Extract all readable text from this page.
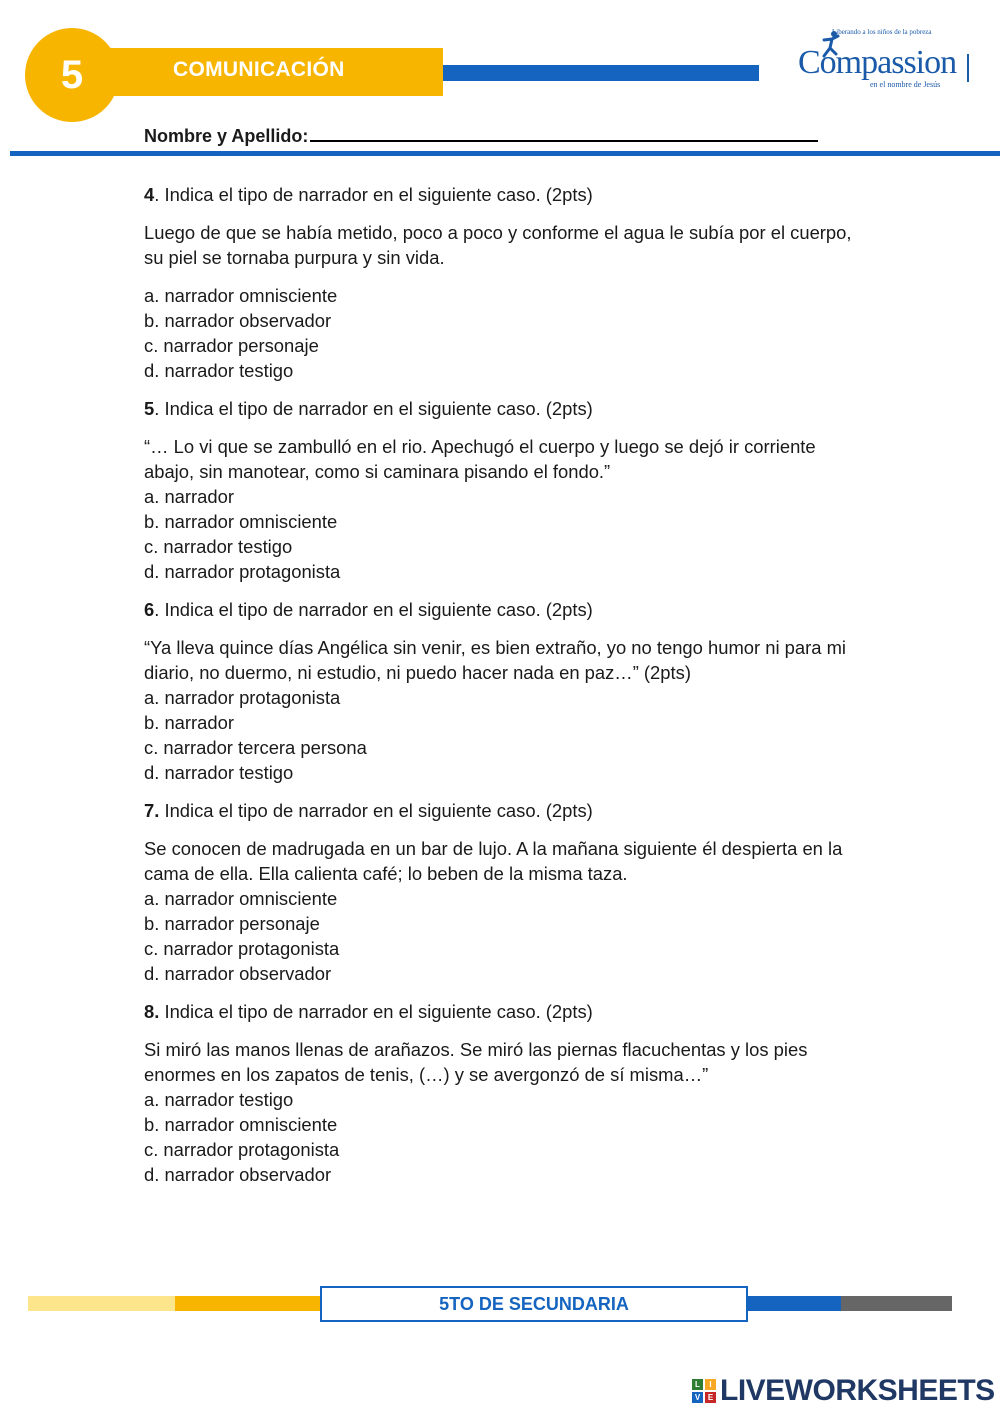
COMUNICACIÓN
5
Liberando a los niños de la pobreza
Compassion
en el nombre de Jesús
Nombre y Apellido:

4. Indica el tipo de narrador en el siguiente caso. (2pts)

Luego de que se había metido, poco a poco y conforme el agua le subía por el cuerpo, su piel se tornaba purpura y sin vida.

a. narrador omnisciente

b. narrador observador

c. narrador personaje

d. narrador testigo

5. Indica el tipo de narrador en el siguiente caso. (2pts)

“… Lo vi que se zambulló en el rio. Apechugó el cuerpo y luego se dejó ir corriente abajo, sin manotear, como si caminara pisando el fondo.”

a. narrador

b. narrador omnisciente

c. narrador testigo

d. narrador protagonista

6. Indica el tipo de narrador en el siguiente caso. (2pts)

“Ya lleva quince días Angélica sin venir, es bien extraño, yo no tengo humor ni para mi diario, no duermo, ni estudio, ni puedo hacer nada en paz…” (2pts)

a. narrador protagonista

b. narrador

c. narrador tercera persona

d. narrador testigo

7. Indica el tipo de narrador en el siguiente caso. (2pts)

Se conocen de madrugada en un bar de lujo. A la mañana siguiente él despierta en la cama de ella. Ella calienta café; lo beben de la misma taza.

a. narrador omnisciente

b. narrador personaje

c. narrador protagonista

d. narrador observador

8. Indica el tipo de narrador en el siguiente caso. (2pts)

Si miró las manos llenas de arañazos. Se miró las piernas flacuchentas y los pies enormes en los zapatos de tenis, (…) y se avergonzó de sí misma…”

a. narrador testigo

b. narrador omnisciente

c. narrador protagonista

d. narrador observador

5TO DE SECUNDARIA
L	I
V E LIVEWORKSHEETS
